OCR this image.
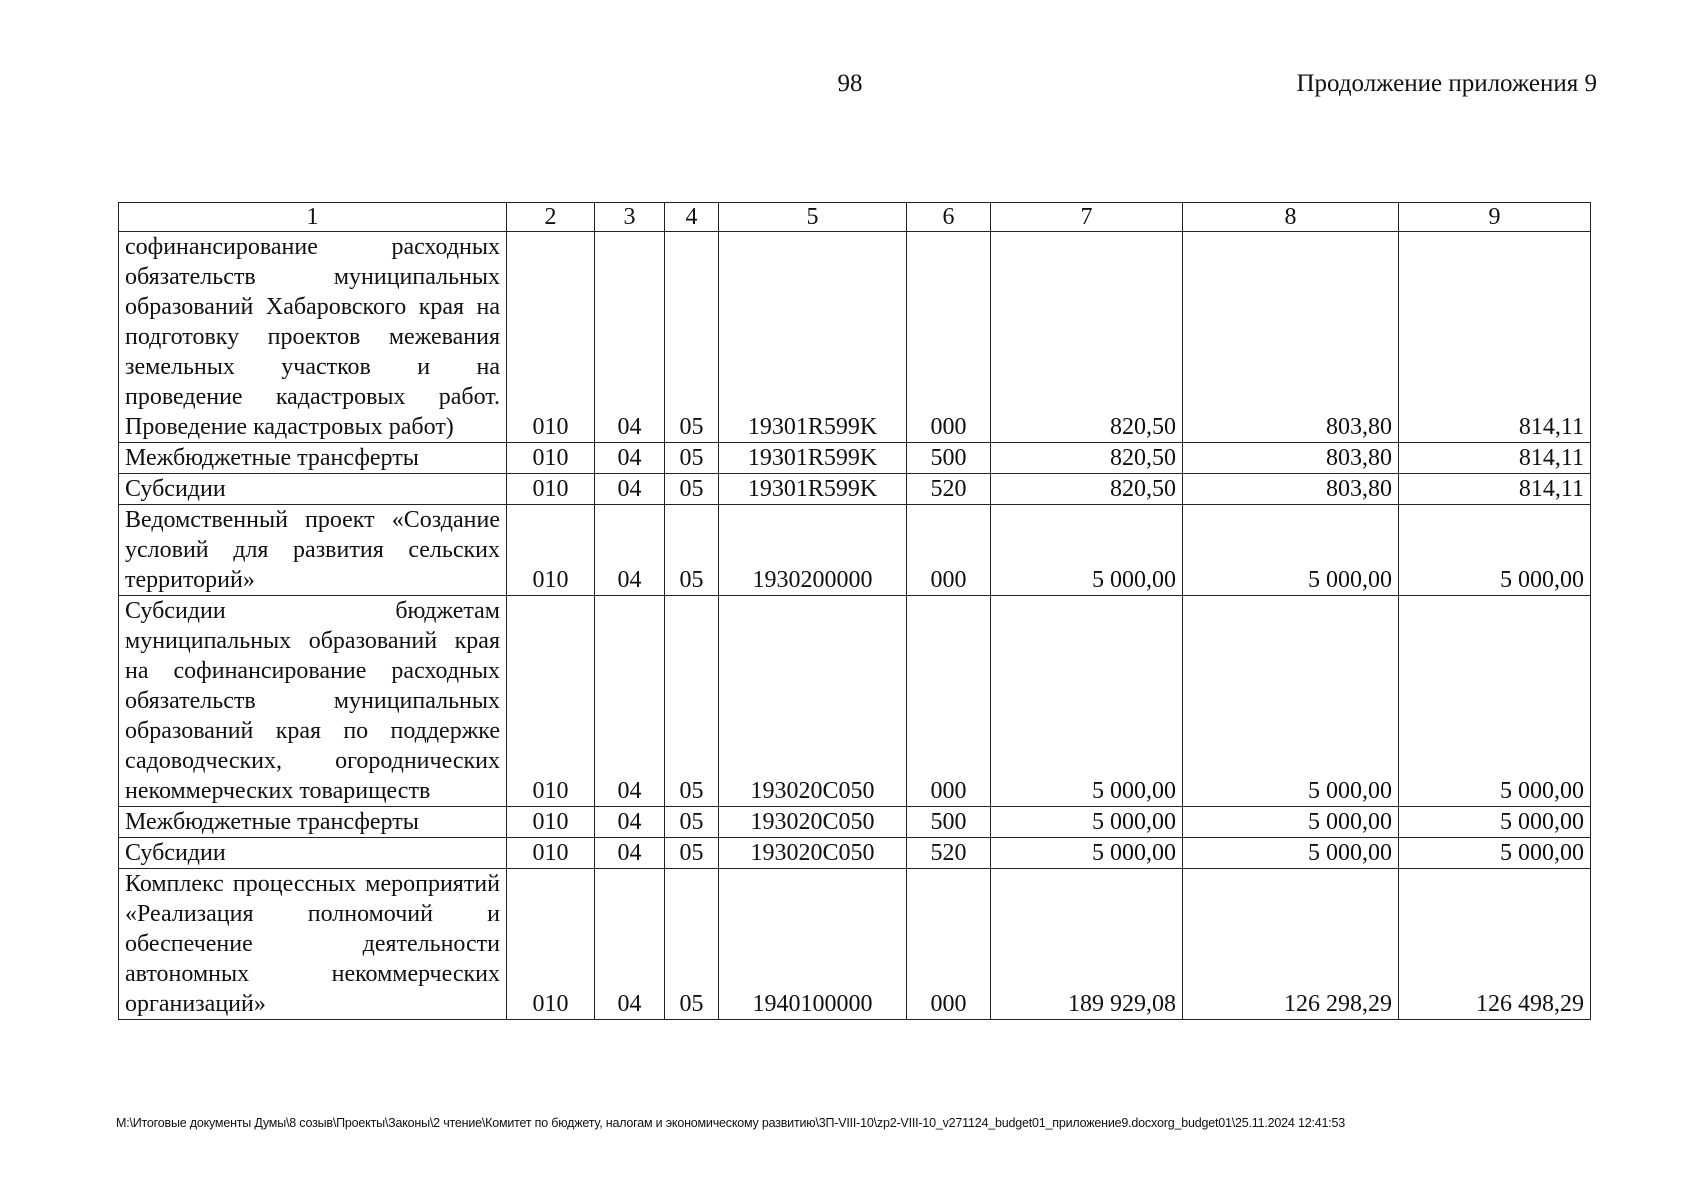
98	Продолжение приложения 9
1	2	3	4	5	6	7	8	9
софинансирование расходных обязательств муниципальных образований Хабаровского края на подготовку проектов межевания земельных участков и на проведение кадастровых работ. Проведение кадастровых работ)	010	04	05	19301R599K	000	820,50	803,80	814,11
Межбюджетные трансферты	010	04	05	19301R599K	500	820,50	803,80	814,11
Субсидии	010	04	05	19301R599K	520	820,50	803,80	814,11
Ведомственный проект «Создание условий для развития сельских территорий»	010	04	05	1930200000	000	5 000,00	5 000,00	5 000,00
Субсидии бюджетам муниципальных образований края на софинансирование расходных обязательств муниципальных образований края по поддержке садоводческих, огороднических некоммерческих товариществ	010	04	05	193020C050	000	5 000,00	5 000,00	5 000,00
Межбюджетные трансферты	010	04	05	193020C050	500	5 000,00	5 000,00	5 000,00
Субсидии	010	04	05	193020C050	520	5 000,00	5 000,00	5 000,00
Комплекс процессных мероприятий «Реализация полномочий и обеспечение деятельности автономных некоммерческих организаций»	010	04	05	1940100000	000	189 929,08	126 298,29	126 498,29
M:\Итоговые документы Думы\8 созыв\Проекты\Законы\2 чтение\Комитет по бюджету, налогам и экономическому развитию\3П-VIII-10\zp2-VIII-10_v271124_budget01_приложение9.docxorg_budget01\25.11.2024 12:41:53
